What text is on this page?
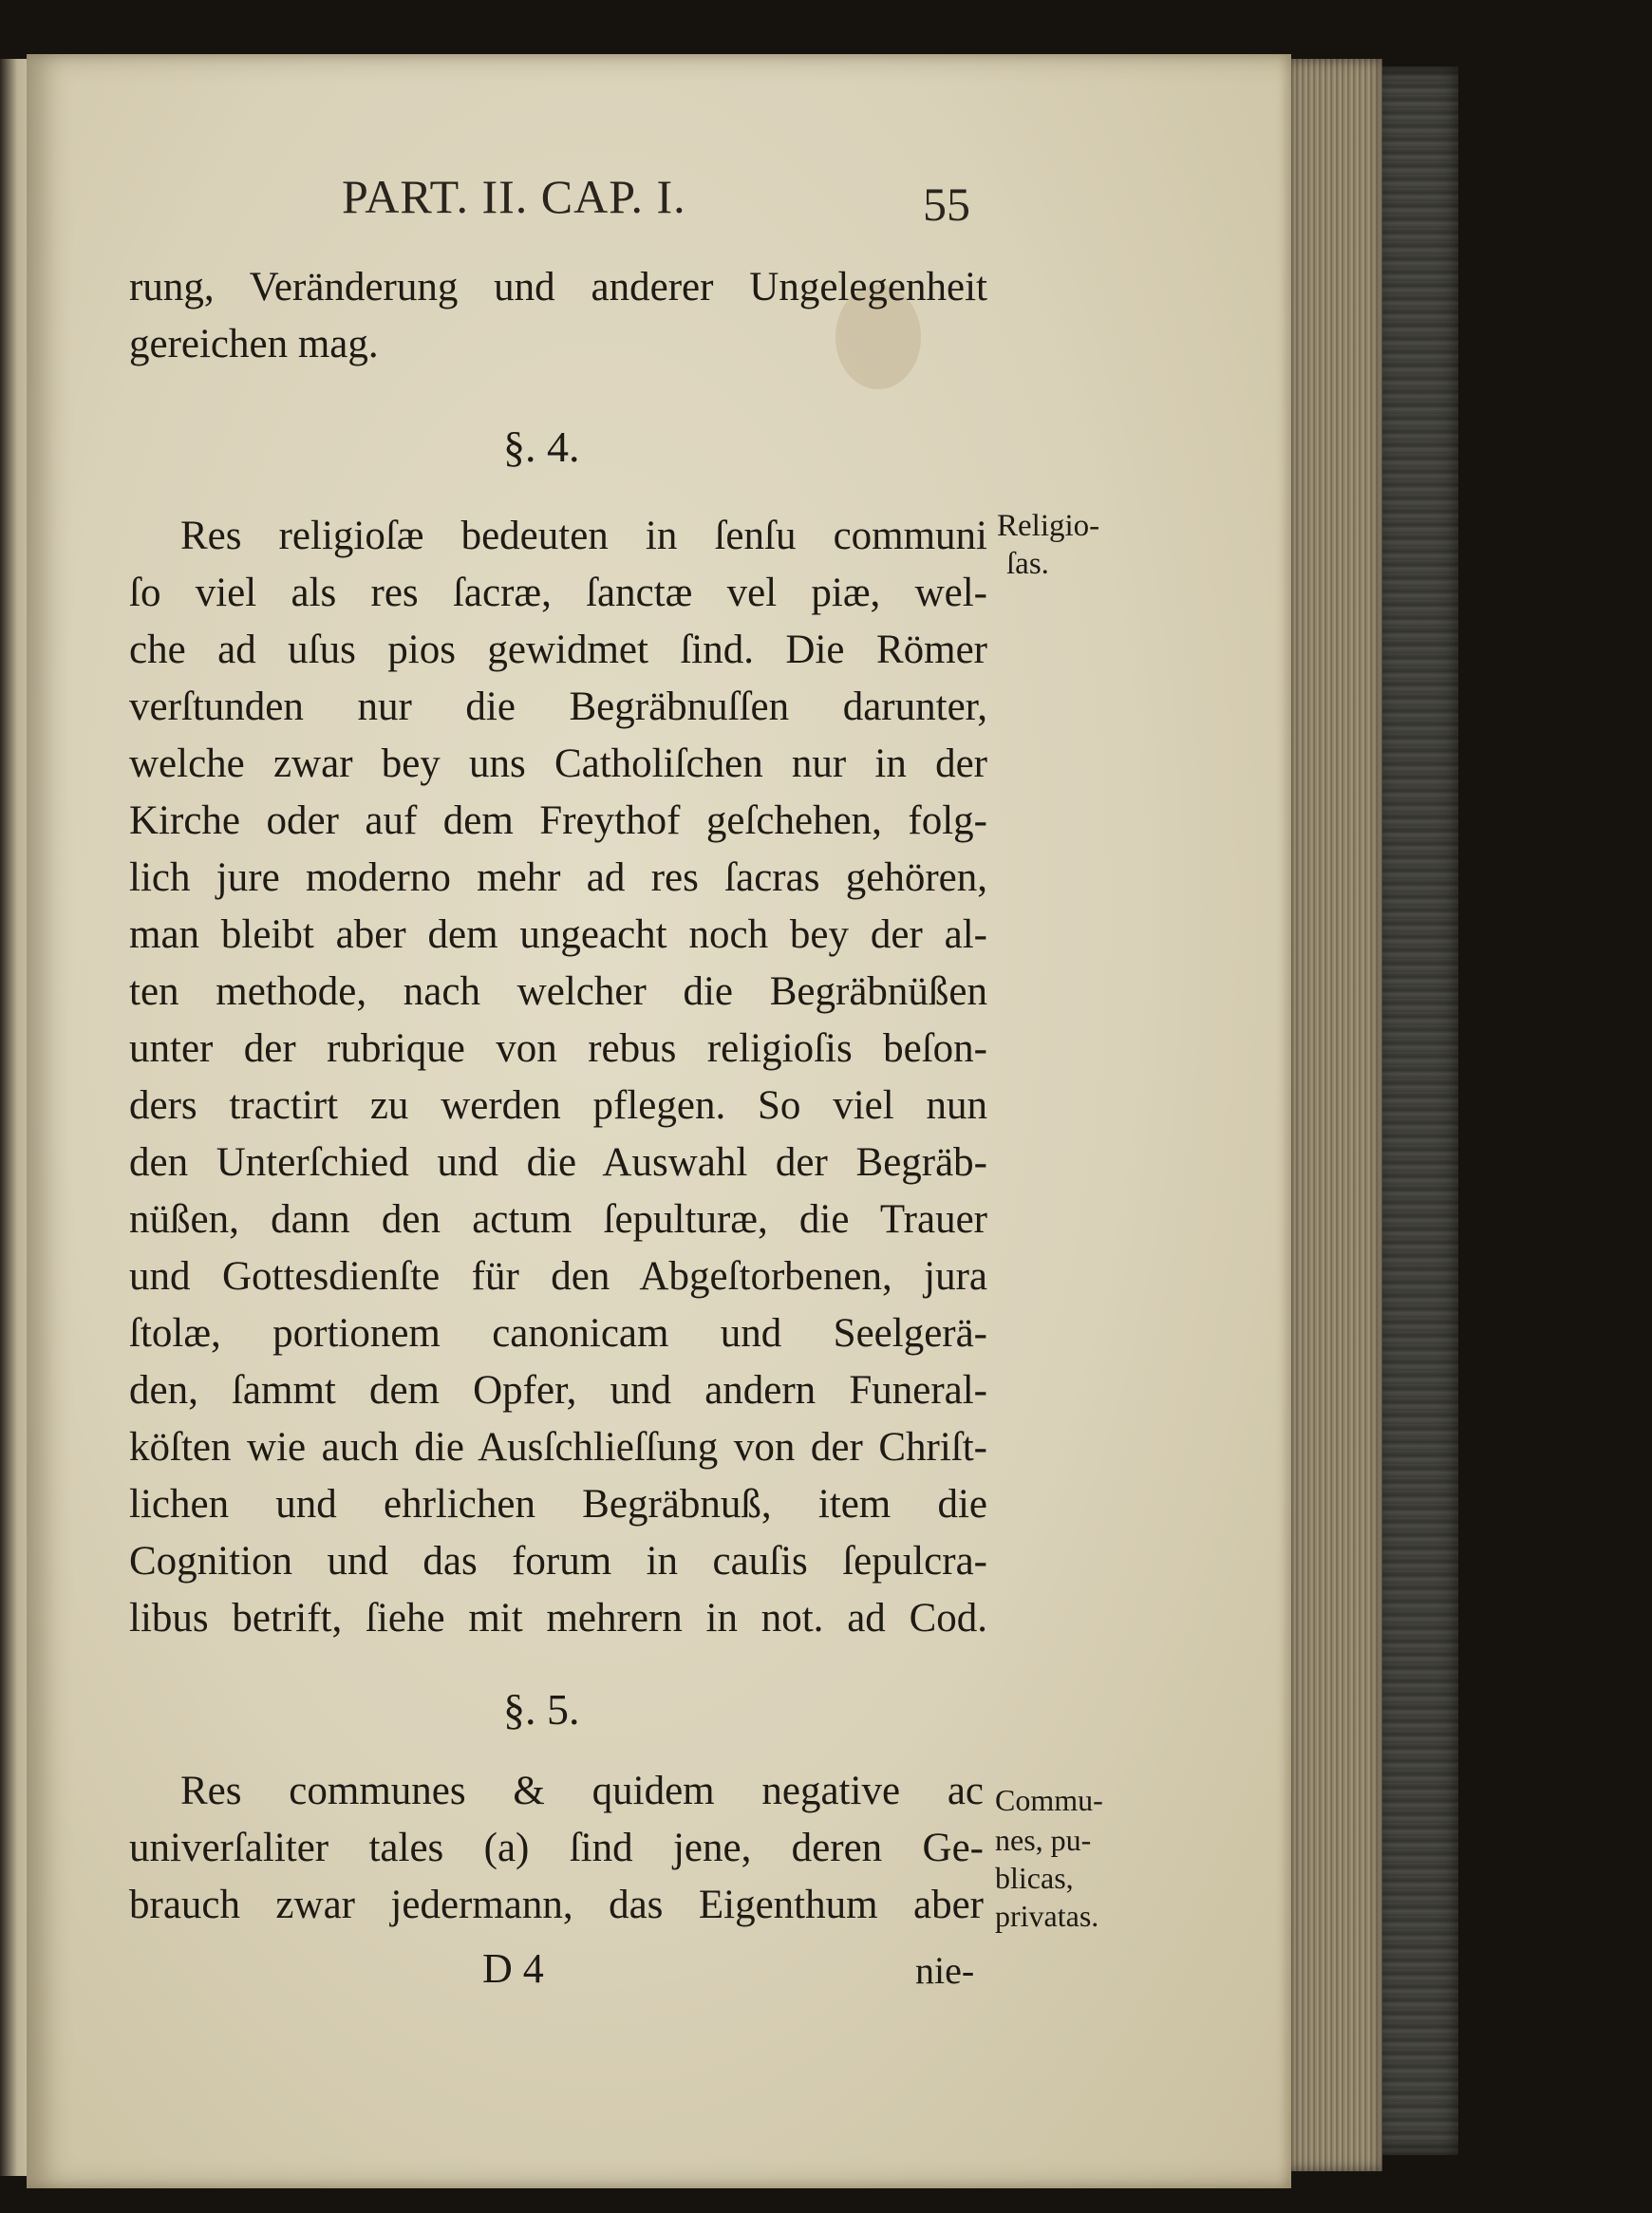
PART. II. CAP. I.	55
rung, Veränderung und anderer Ungelegenheit
gereichen mag.
§. 4.
Religio-
ſas.
Res religioſæ bedeuten in ſenſu communi
ſo viel als res ſacræ, ſanctæ vel piæ, wel-
che ad uſus pios gewidmet ſind. Die Römer
verſtunden nur die Begräbnuſſen darunter,
welche zwar bey uns Catholiſchen nur in der
Kirche oder auf dem Freythof geſchehen, folg-
lich jure moderno mehr ad res ſacras gehören,
man bleibt aber dem ungeacht noch bey der al-
ten methode, nach welcher die Begräbnüßen
unter der rubrique von rebus religioſis beſon-
ders tractirt zu werden pflegen. So viel nun
den Unterſchied und die Auswahl der Begräb-
nüßen, dann den actum ſepulturæ, die Trauer
und Gottesdienſte für den Abgeſtorbenen, jura
ſtolæ, portionem canonicam und Seelgerä-
den, ſammt dem Opfer, und andern Funeral-
köſten wie auch die Ausſchlieſſung von der Chriſt-
lichen und ehrlichen Begräbnuß, item die
Cognition und das forum in cauſis ſepulcra-
libus betrift, ſiehe mit mehrern in not. ad Cod.
§. 5.
Commu-
nes, pu-
blicas,
privatas.
Res communes & quidem negative ac
univerſaliter tales (a) ſind jene, deren Ge-
brauch zwar jedermann, das Eigenthum aber
D 4	nie-
